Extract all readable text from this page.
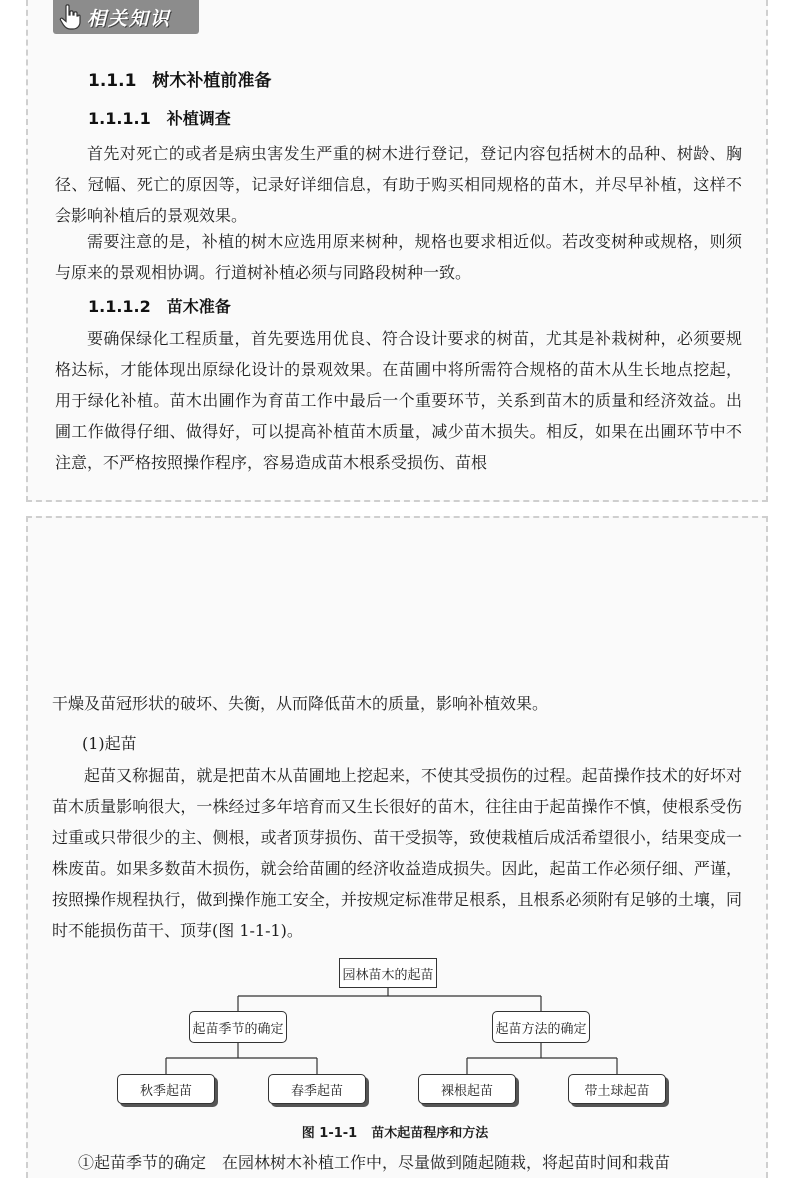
相关知识
1.1.1 树木补植前准备
1.1.1.1 补植调查

首先对死亡的或者是病虫害发生严重的树木进行登记，登记内容包括树木的品种、树龄、胸径、冠幅、死亡的原因等，记录好详细信息，有助于购买相同规格的苗木，并尽早补植，这样不会影响补植后的景观效果。

需要注意的是，补植的树木应选用原来树种，规格也要求相近似。若改变树种或规格，则须与原来的景观相协调。行道树补植必须与同路段树种一致。

1.1.1.2 苗木准备

要确保绿化工程质量，首先要选用优良、符合设计要求的树苗，尤其是补栽树种，必须要规格达标，才能体现出原绿化设计的景观效果。在苗圃中将所需符合规格的苗木从生长地点挖起，用于绿化补植。苗木出圃作为育苗工作中最后一个重要环节，关系到苗木的质量和经济效益。出圃工作做得仔细、做得好，可以提高补植苗木质量，减少苗木损失。相反，如果在出圃环节中不注意，不严格按照操作程序，容易造成苗木根系受损伤、苗根

干燥及苗冠形状的破坏、失衡，从而降低苗木的质量，影响补植效果。

(1)起苗

起苗又称掘苗，就是把苗木从苗圃地上挖起来，不使其受损伤的过程。起苗操作技术的好坏对苗木质量影响很大，一株经过多年培育而又生长很好的苗木，往往由于起苗操作不慎，使根系受伤过重或只带很少的主、侧根，或者顶芽损伤、苗干受损等，致使栽植后成活希望很小，结果变成一株废苗。如果多数苗木损伤，就会给苗圃的经济收益造成损失。因此，起苗工作必须仔细、严谨，按照操作规程执行，做到操作施工安全，并按规定标准带足根系，且根系必须附有足够的土壤，同时不能损伤苗干、顶芽(图 1-1-1)。

园林苗木的起苗
起苗季节的确定	起苗方法的确定
秋季起苗	春季起苗	裸根起苗	带土球起苗
图 1-1-1 苗木起苗程序和方法
①起苗季节的确定　在园林树木补植工作中，尽量做到随起随栽，将起苗时间和栽苗
